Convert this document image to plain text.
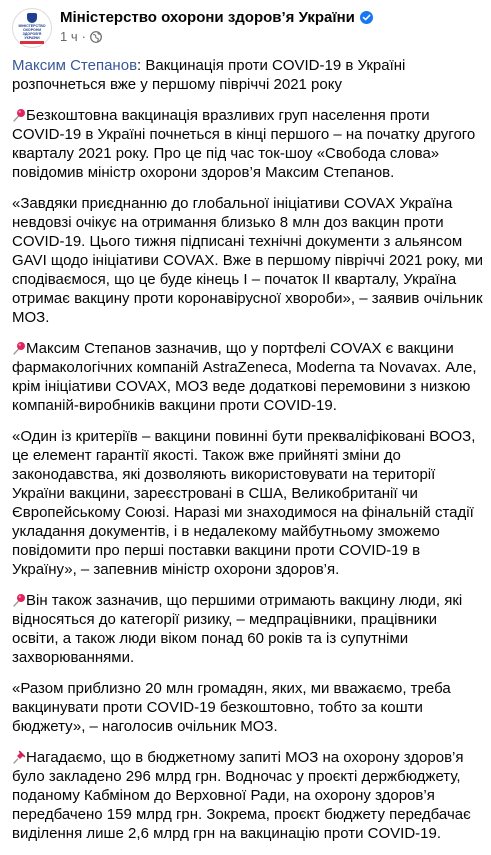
МІНІСТЕРСТВО ОХОРОНИ ЗДОРОВ'Я УКРАЇНИ
Міністерство охорони здоров’я України
1 ч ·

Максим Степанов: Вакцинація проти COVID-19 в Україні розпочнеться вже у першому півріччі 2021 року

Безкоштовна вакцинація вразливих груп населення проти COVID-19 в Україні почнеться в кінці першого – на початку другого кварталу 2021 року. Про це під час ток-шоу «Свобода слова» повідомив міністр охорони здоров’я Максим Степанов.

«Завдяки приєднанню до глобальної ініціативи COVAX Україна невдовзі очікує на отримання близько 8 млн доз вакцин проти COVID-19. Цього тижня підписані технічні документи з альянсом GAVI щодо ініціативи COVAX. Вже в першому півріччі 2021 року, ми сподіваємося, що це буде кінець І – початок ІІ кварталу, Україна отримає вакцину проти коронавірусної хвороби», – заявив очільник МОЗ.

Максим Степанов зазначив, що у портфелі COVAX є вакцини фармакологічних компаній AstraZeneca, Moderna та Novavax. Але, крім ініціативи COVAX, МОЗ веде додаткові перемовини з низкою компаній-виробників вакцини проти COVID-19.

«Один із критеріїв – вакцини повинні бути прекваліфіковані ВООЗ, це елемент гарантії якості. Також вже прийняті зміни до законодавства, які дозволяють використовувати на території України вакцини, зареєстровані в США, Великобританії чи Європейському Союзі. Наразі ми знаходимося на фінальній стадії укладання документів, і в недалекому майбутньому зможемо повідомити про перші поставки вакцини проти COVID-19 в Україну», – запевнив міністр охорони здоров’я.

Він також зазначив, що першими отримають вакцину люди, які відносяться до категорії ризику, – медпрацівники, працівники освіти, а також люди віком понад 60 років та із супутніми захворюваннями.

«Разом приблизно 20 млн громадян, яких, ми вважаємо, треба вакцинувати проти COVID-19 безкоштовно, тобто за кошти бюджету», – наголосив очільник МОЗ.

Нагадаємо, що в бюджетному запиті МОЗ на охорону здоров’я було закладено 296 млрд грн. Водночас у проєкті держбюджету, поданому Кабміном до Верховної Ради, на охорону здоров’я передбачено 159 млрд грн. Зокрема, проєкт бюджету передбачає виділення лише 2,6 млрд грн на вакцинацію проти COVID-19.
